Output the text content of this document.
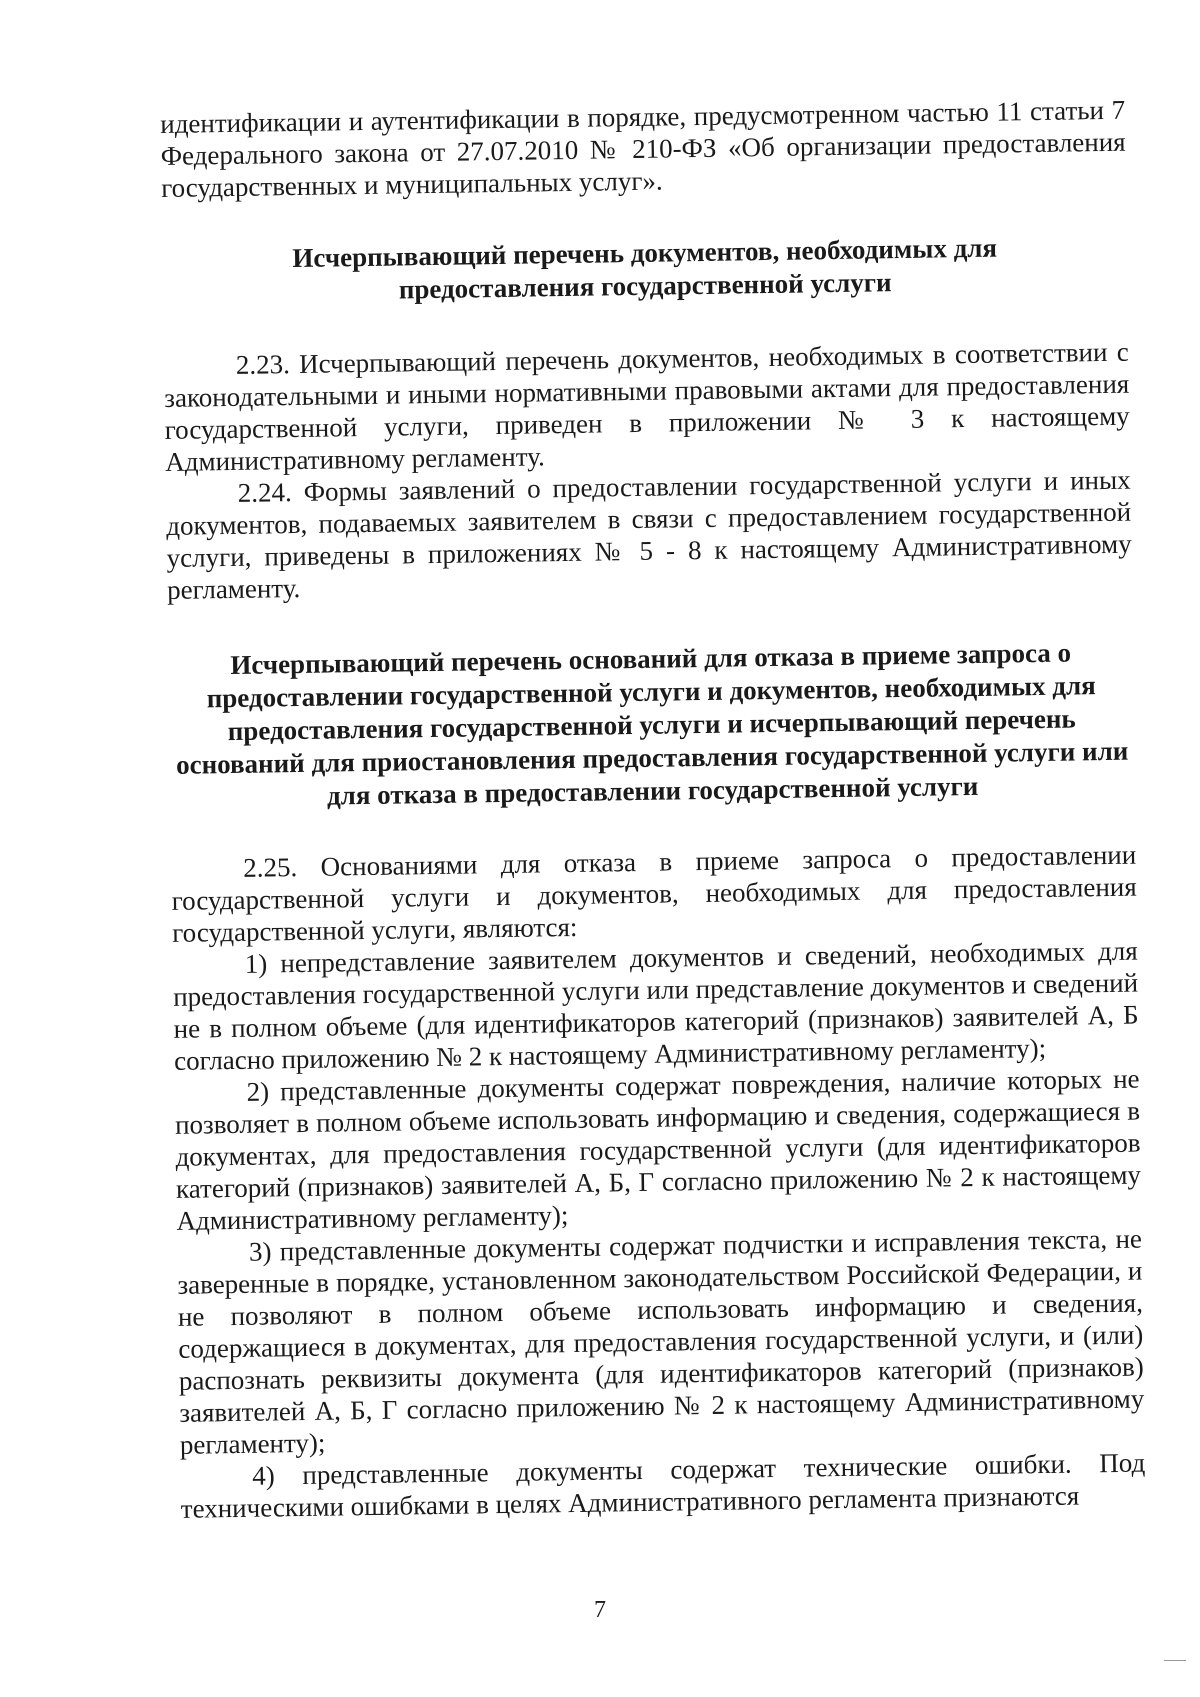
идентификации и аутентификации в порядке, предусмотренном частью 11 статьи 7 Федерального закона от 27.07.2010 № 210-ФЗ «Об организации предоставления государственных и муниципальных услуг».

Исчерпывающий перечень документов, необходимых для предоставления государственной услуги

2.23. Исчерпывающий перечень документов, необходимых в соответствии с законодательными и иными нормативными правовыми актами для предоставления государственной услуги, приведен в приложении № 3 к настоящему Административному регламенту.

2.24. Формы заявлений о предоставлении государственной услуги и иных документов, подаваемых заявителем в связи с предоставлением государственной услуги, приведены в приложениях № 5 - 8 к настоящему Административному регламенту.

Исчерпывающий перечень оснований для отказа в приеме запроса о предоставлении государственной услуги и документов, необходимых для предоставления государственной услуги и исчерпывающий перечень оснований для приостановления предоставления государственной услуги или для отказа в предоставлении государственной услуги

2.25. Основаниями для отказа в приеме запроса о предоставлении государственной услуги и документов, необходимых для предоставления государственной услуги, являются:

1) непредставление заявителем документов и сведений, необходимых для предоставления государственной услуги или представление документов и сведений не в полном объеме (для идентификаторов категорий (признаков) заявителей А, Б согласно приложению № 2 к настоящему Административному регламенту);

2) представленные документы содержат повреждения, наличие которых не позволяет в полном объеме использовать информацию и сведения, содержащиеся в документах, для предоставления государственной услуги (для идентификаторов категорий (признаков) заявителей А, Б, Г согласно приложению № 2 к настоящему Административному регламенту);

3) представленные документы содержат подчистки и исправления текста, не заверенные в порядке, установленном законодательством Российской Федерации, и не позволяют в полном объеме использовать информацию и сведения, содержащиеся в документах, для предоставления государственной услуги, и (или) распознать реквизиты документа (для идентификаторов категорий (признаков) заявителей А, Б, Г согласно приложению № 2 к настоящему Административному регламенту);

4) представленные документы содержат технические ошибки. Под техническими ошибками в целях Административного регламента признаются

7
